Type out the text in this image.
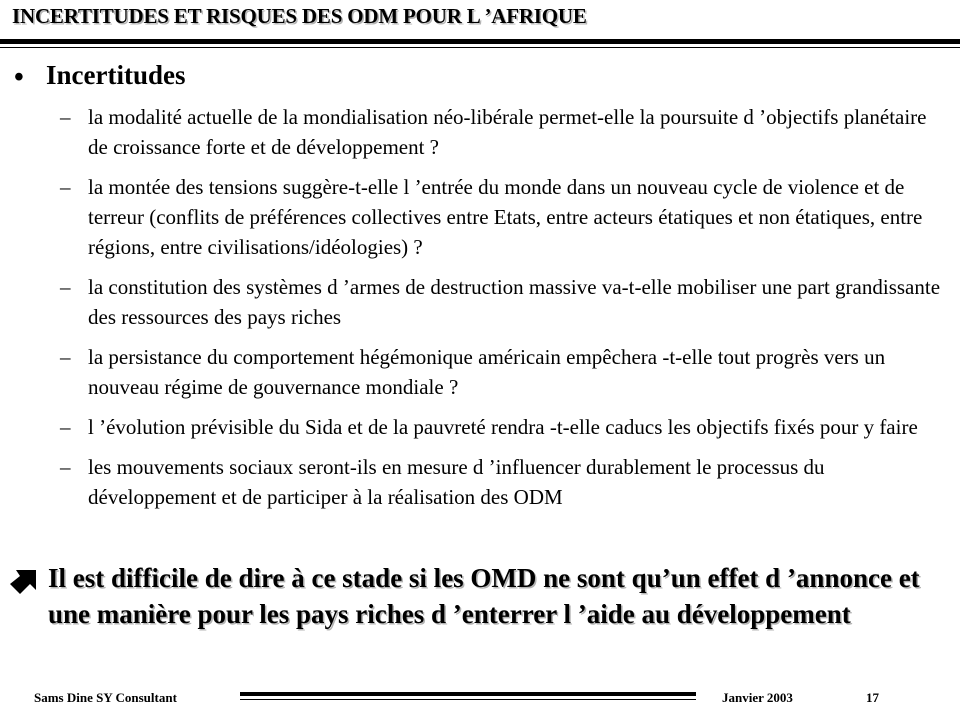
INCERTITUDES ET RISQUES DES ODM POUR L ’AFRIQUE
• Incertitudes
– la modalité actuelle de la mondialisation néo-libérale permet-elle la poursuite d ’objectifs planétaire de croissance forte et de développement ?
– la montée des tensions suggère-t-elle l ’entrée du monde dans un nouveau cycle de violence et de terreur (conflits de préférences collectives entre Etats, entre acteurs étatiques et non étatiques, entre régions, entre civilisations/idéologies) ?
– la constitution des systèmes d ’armes de destruction massive va-t-elle mobiliser une part grandissante des ressources des pays riches
– la persistance du comportement hégémonique américain empêchera -t-elle tout progrès vers un nouveau régime de gouvernance mondiale ?
– l ’évolution prévisible du Sida et de la pauvreté rendra -t-elle caducs les objectifs fixés pour y faire
– les mouvements sociaux seront-ils en mesure d ’influencer durablement le processus du développement et de participer à la réalisation des ODM
Il est difficile de dire à ce stade si les OMD ne sont qu’un effet d ’annonce et une manière pour les pays riches d ’enterrer l ’aide au développement
Sams Dine SY Consultant	Janvier 2003	17
